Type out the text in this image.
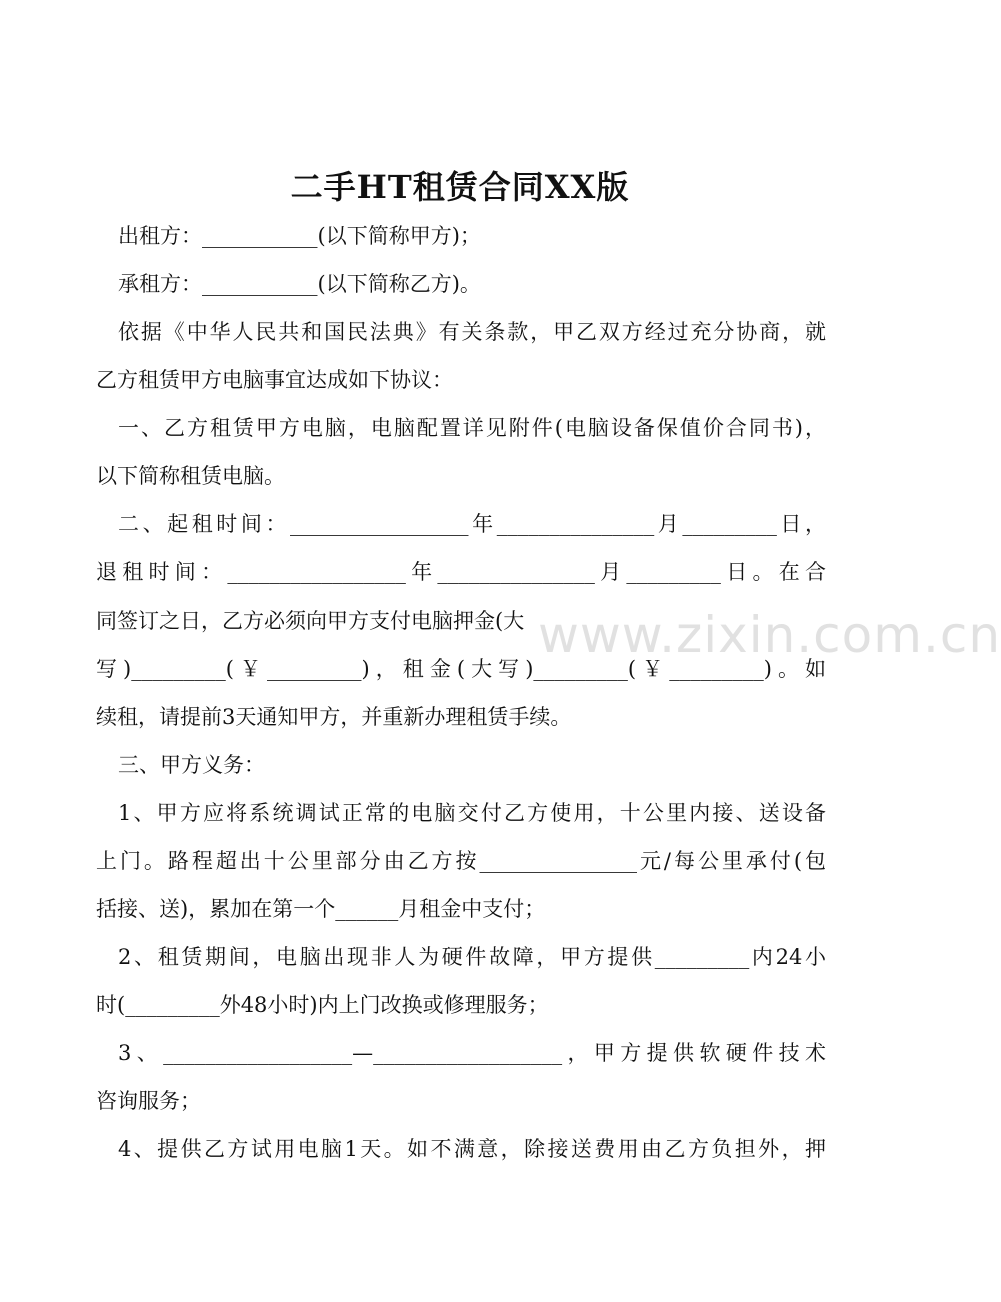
二手HT租赁合同XX版
出租方：___________(以下简称甲方)；
承租方：___________(以下简称乙方)。
依据《中华人民共和国民法典》有关条款，甲乙双方经过充分协商，就
乙方租赁甲方电脑事宜达成如下协议：
一、乙方租赁甲方电脑，电脑配置详见附件(电脑设备保值价合同书)，
以下简称租赁电脑。
二、起租时间：_________________年_______________月_________日，
退租时间：_________________年_______________月_________日。在合
同签订之日，乙方必须向甲方支付电脑押金(大
写)_________(￥_________)，租金(大写)_________(￥_________)。如
续租，请提前3天通知甲方，并重新办理租赁手续。
三、甲方义务：
1、甲方应将系统调试正常的电脑交付乙方使用，十公里内接、送设备
上门。路程超出十公里部分由乙方按_______________元/每公里承付(包
括接、送)，累加在第一个______月租金中支付；
2、租赁期间，电脑出现非人为硬件故障，甲方提供_________内24小
时(_________外48小时)内上门改换或修理服务；
3、__________________—__________________，甲方提供软硬件技术
咨询服务；
4、提供乙方试用电脑1天。如不满意，除接送费用由乙方负担外，押
www.zixin.com.cn
